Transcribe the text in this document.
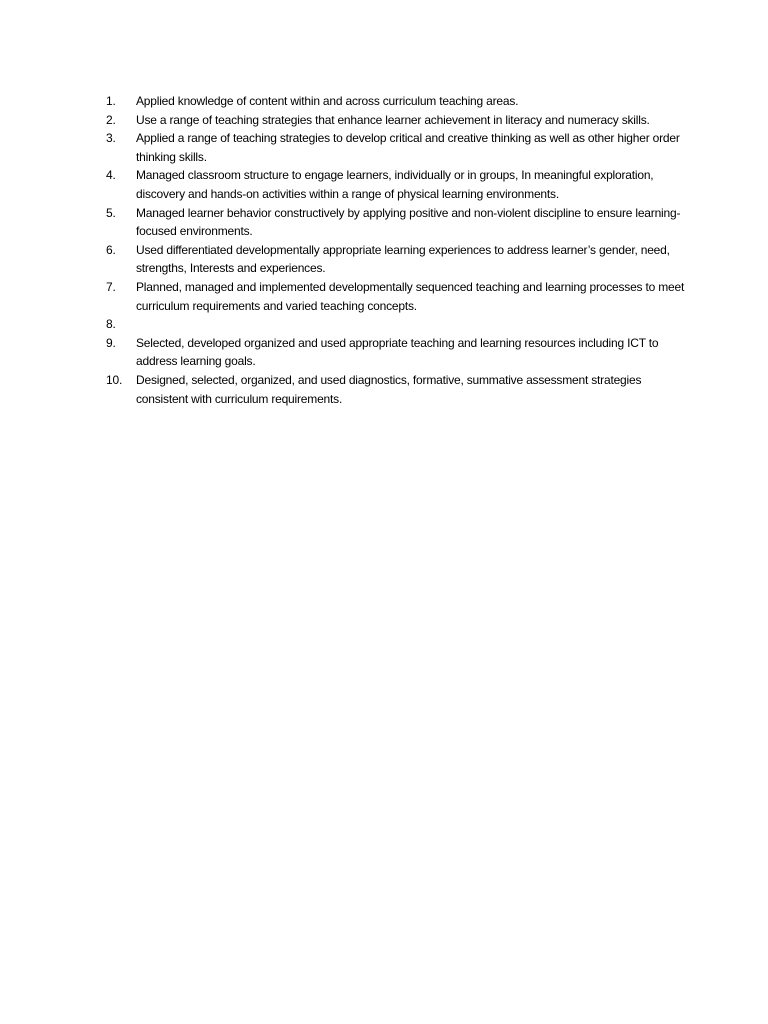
1.	Applied knowledge of content within and across curriculum teaching areas.
2.	Use a range of teaching strategies that enhance learner achievement in literacy and numeracy skills.
3.	Applied a range of teaching strategies to develop critical and creative thinking as well as other higher order thinking skills.
4.	Managed classroom structure to engage learners, individually or in groups, In meaningful exploration, discovery and hands-on activities within a range of physical learning environments.
5.	Managed learner behavior constructively by applying positive and non-violent discipline to ensure learning-focused environments.
6.	Used differentiated developmentally appropriate learning experiences to address learner’s gender, need, strengths, Interests and experiences.
7.	Planned, managed and implemented developmentally sequenced teaching and learning processes to meet curriculum requirements and varied teaching concepts.
8.
9.	Selected, developed organized and used appropriate teaching and learning resources including ICT to address learning goals.
10.	Designed, selected, organized, and used diagnostics, formative, summative assessment strategies consistent with curriculum requirements.
